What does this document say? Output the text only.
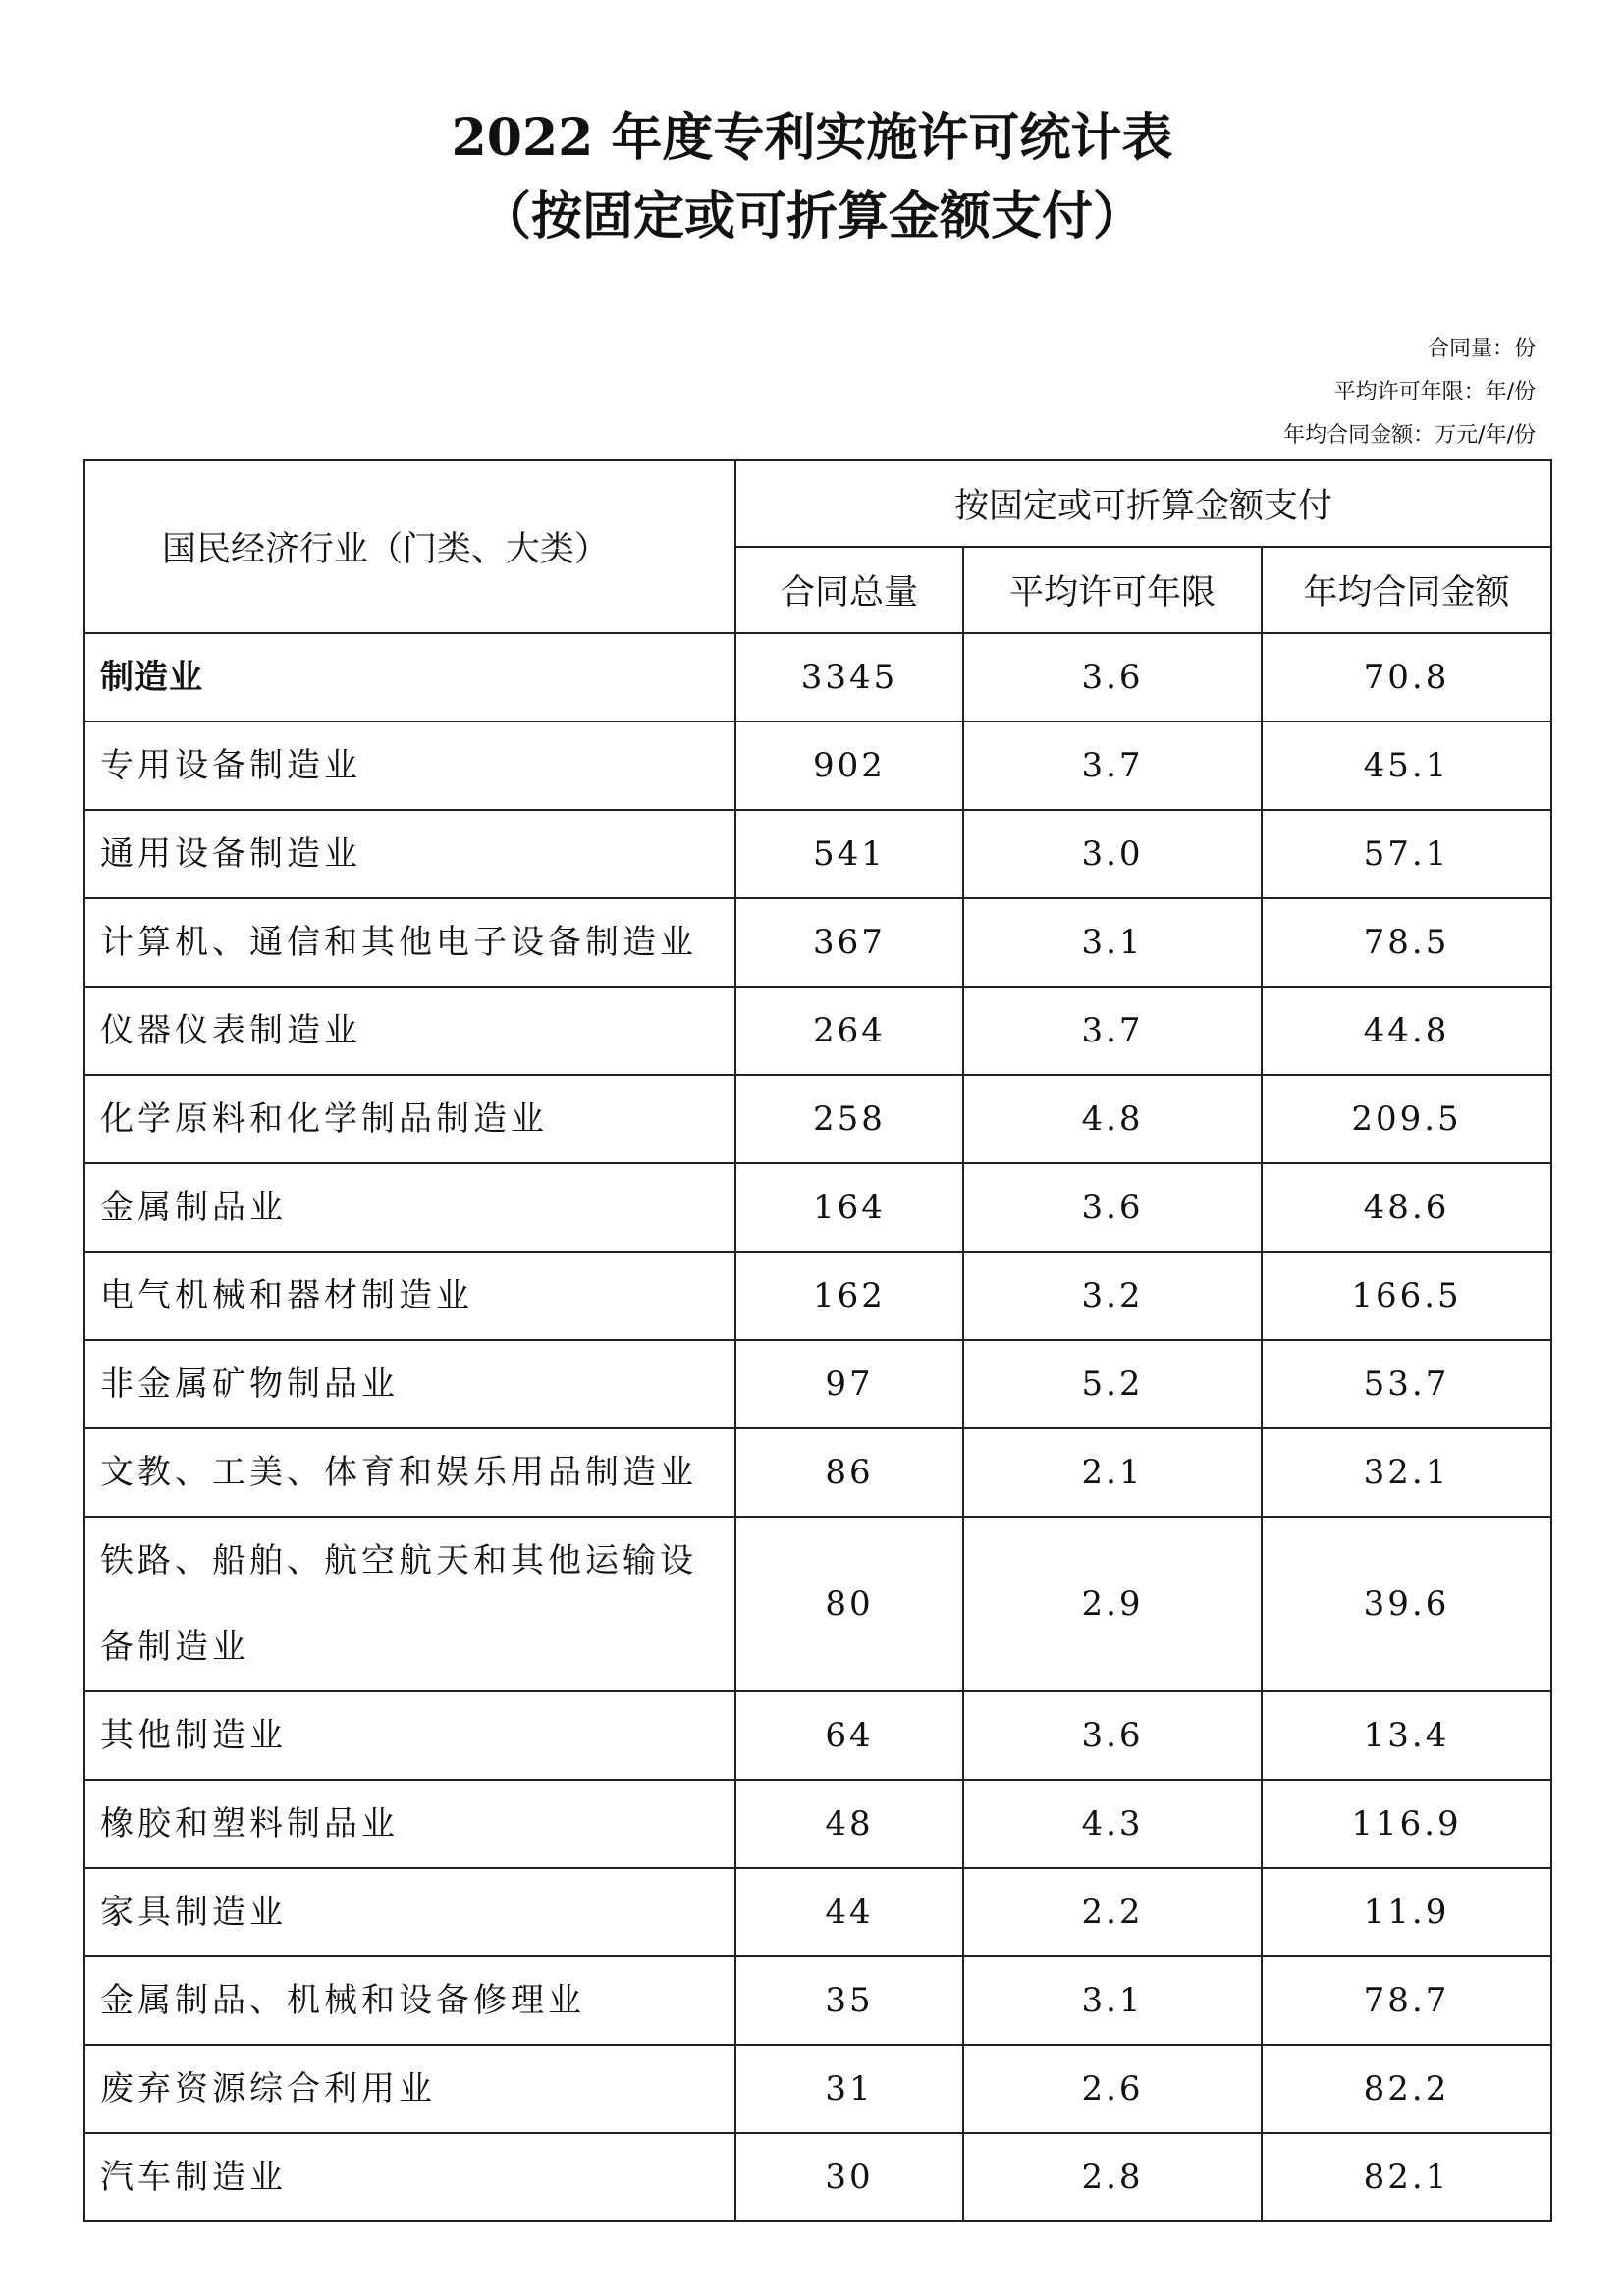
2022 年度专利实施许可统计表
（按固定或可折算金额支付）
合同量：份
平均许可年限：年/份
年均合同金额：万元/年/份
国民经济行业（门类、大类）	按固定或可折算金额支付		
	合同总量	平均许可年限	年均合同金额
制造业	3345	3.6	70.8
专用设备制造业	902	3.7	45.1
通用设备制造业	541	3.0	57.1
计算机、通信和其他电子设备制造业	367	3.1	78.5
仪器仪表制造业	264	3.7	44.8
化学原料和化学制品制造业	258	4.8	209.5
金属制品业	164	3.6	48.6
电气机械和器材制造业	162	3.2	166.5
非金属矿物制品业	97	5.2	53.7
文教、工美、体育和娱乐用品制造业	86	2.1	32.1
铁路、船舶、航空航天和其他运输设备制造业	80	2.9	39.6
其他制造业	64	3.6	13.4
橡胶和塑料制品业	48	4.3	116.9
家具制造业	44	2.2	11.9
金属制品、机械和设备修理业	35	3.1	78.7
废弃资源综合利用业	31	2.6	82.2
汽车制造业	30	2.8	82.1
